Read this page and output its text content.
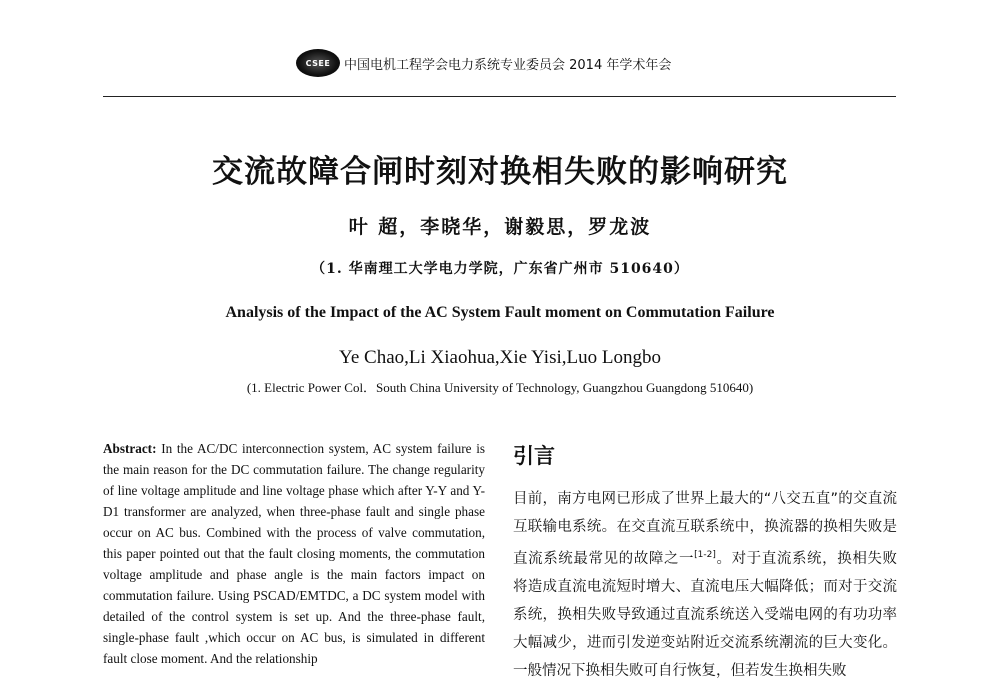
CSEE 中国电机工程学会电力系统专业委员会 2014 年学术年会
交流故障合闸时刻对换相失败的影响研究
叶 超，李晓华，谢毅思，罗龙波
（1. 华南理工大学电力学院，广东省广州市 510640）
Analysis of the Impact of the AC System Fault moment on Commutation Failure
Ye Chao,Li Xiaohua,Xie Yisi,Luo Longbo
(1. Electric Power Col．South China University of Technology, Guangzhou Guangdong 510640)
Abstract: In the AC/DC interconnection system, AC system failure is the main reason for the DC commutation failure. The change regularity of line voltage amplitude and line voltage phase which after Y-Y and Y-D1 transformer are analyzed, when three-phase fault and single phase occur on AC bus. Combined with the process of valve commutation, this paper pointed out that the fault closing moments, the commutation voltage amplitude and phase angle is the main factors impact on commutation failure. Using PSCAD/EMTDC, a DC system model with detailed of the control system is set up. And the three-phase fault, single-phase fault ,which occur on AC bus, is simulated in different fault close moment. And the relationship
引言
目前，南方电网已形成了世界上最大的“八交五直”的交直流互联输电系统。在交直流互联系统中，换流器的换相失败是直流系统最常见的故障之一[1-2]。对于直流系统，换相失败将造成直流电流短时增大、直流电压大幅降低；而对于交流系统，换相失败导致通过直流系统送入受端电网的有功功率大幅减少，进而引发逆变站附近交流系统潮流的巨大变化。一般情况下换相失败可自行恢复，但若发生换相失败
